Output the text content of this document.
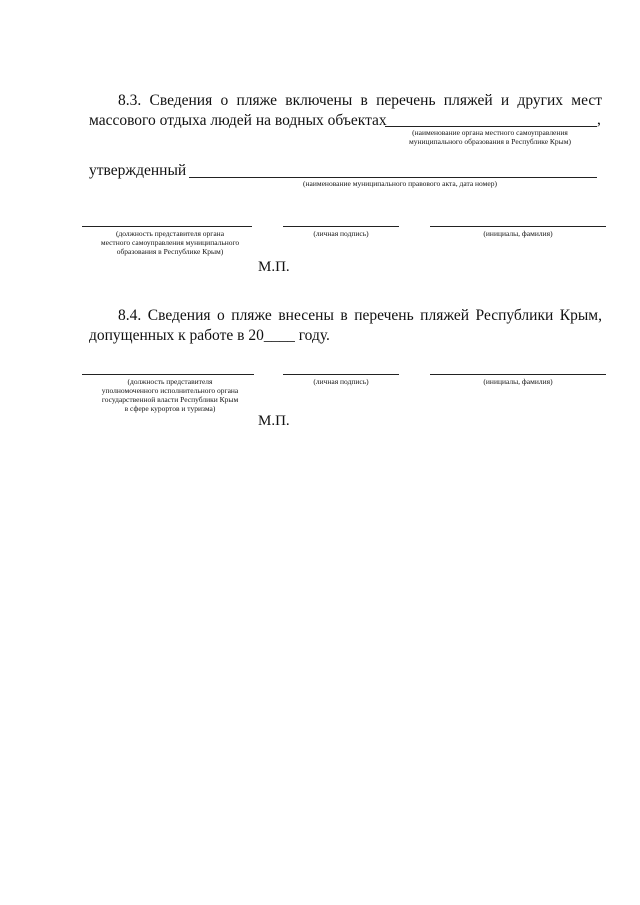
8.3. Сведения о пляже включены в перечень пляжей и других мест
массового отдыха людей на водных объектах	,
(наименование органа местного самоуправления
муниципального образования в Республике Крым)
утвержденный
(наименование муниципального правового акта, дата номер)
(должность представителя органа
местного самоуправления муниципального
образования в Республике Крым)
(личная подпись)	(инициалы, фамилия)
М.П.
8.4. Сведения о пляже внесены в перечень пляжей Республики Крым,
допущенных к работе в 20____ году.
(должность представителя
уполномоченного исполнительного органа
государственной власти Республики Крым
в сфере курортов и туризма)
(личная подпись)	(инициалы, фамилия)
М.П.
